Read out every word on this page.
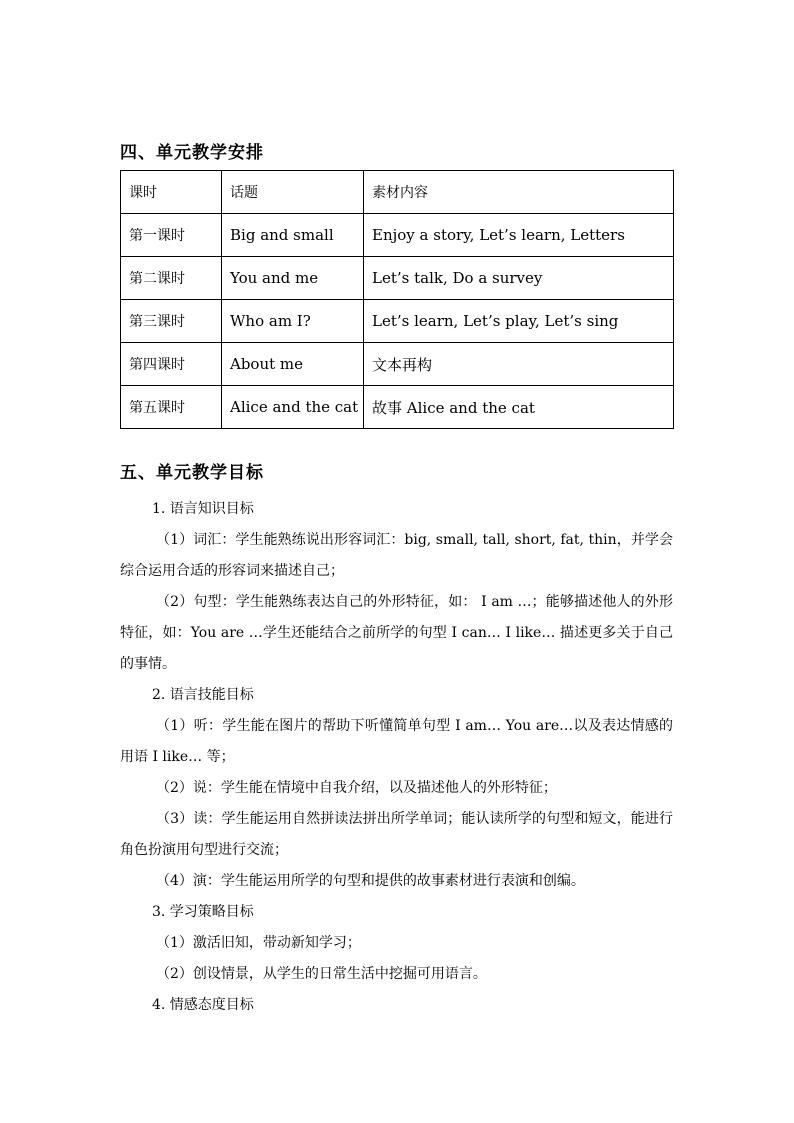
四、单元教学安排
课时	话题	素材内容
第一课时	Big and small	Enjoy a story, Let’s learn, Letters
第二课时	You and me	Let’s talk, Do a survey
第三课时	Who am I?	Let’s learn, Let’s play, Let’s sing
第四课时	About me	文本再构
第五课时	Alice and the cat	故事 Alice and the cat
五、单元教学目标

1. 语言知识目标

（1）词汇：学生能熟练说出形容词汇：big, small, tall, short, fat, thin，并学会综合运用合适的形容词来描述自己；

（2）句型：学生能熟练表达自己的外形特征，如： I am …；能够描述他人的外形特征，如：You are …学生还能结合之前所学的句型 I can… I like… 描述更多关于自己的事情。

2. 语言技能目标

（1）听：学生能在图片的帮助下听懂简单句型 I am… You are…以及表达情感的用语 I like… 等；

（2）说：学生能在情境中自我介绍，以及描述他人的外形特征；

（3）读：学生能运用自然拼读法拼出所学单词；能认读所学的句型和短文，能进行角色扮演用句型进行交流；

（4）演：学生能运用所学的句型和提供的故事素材进行表演和创编。

3. 学习策略目标

（1）激活旧知，带动新知学习；

（2）创设情景，从学生的日常生活中挖掘可用语言。

4. 情感态度目标
